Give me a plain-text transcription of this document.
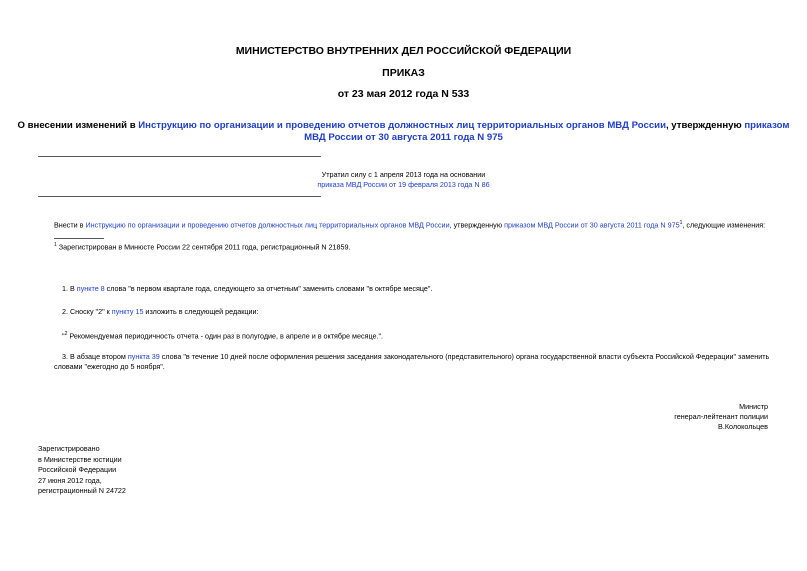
МИНИСТЕРСТВО ВНУТРЕННИХ ДЕЛ РОССИЙСКОЙ ФЕДЕРАЦИИ
ПРИКАЗ
от 23 мая 2012 года N 533
О внесении изменений в Инструкцию по организации и проведению отчетов должностных лиц территориальных органов МВД России, утвержденную приказом
МВД России от 30 августа 2011 года N 975
Утратил силу с 1 апреля 2013 года на основании
приказа МВД России от 19 февраля 2013 года N 86
Внести в Инструкцию по организации и проведению отчетов должностных лиц территориальных органов МВД России, утвержденную приказом МВД России от 30 августа 2011 года N $975^1$, следующие изменения:
$^1$ Зарегистрирован в Минюсте России 22 сентября 2011 года, регистрационный N 21859.
1. В пункте 8 слова "в первом квартале года, следующего за отчетным" заменить словами "в октябре месяце".
2. Сноску "2" к пункту 15 изложить в следующей редакции:
"$^2$ Рекомендуемая периодичность отчета - один раз в полугодие, в апреле и в октябре месяце.".
3. В абзаце втором пункта 39 слова "в течение 10 дней после оформления решения заседания законодательного (представительного) органа государственной власти субъекта Российской Федерации" заменить
словами "ежегодно до 5 ноября".
Министр
генерал-лейтенант полиции
В.Колокольцев
Зарегистрировано
в Министерстве юстиции
Российской Федерации
27 июня 2012 года,
регистрационный N 24722
